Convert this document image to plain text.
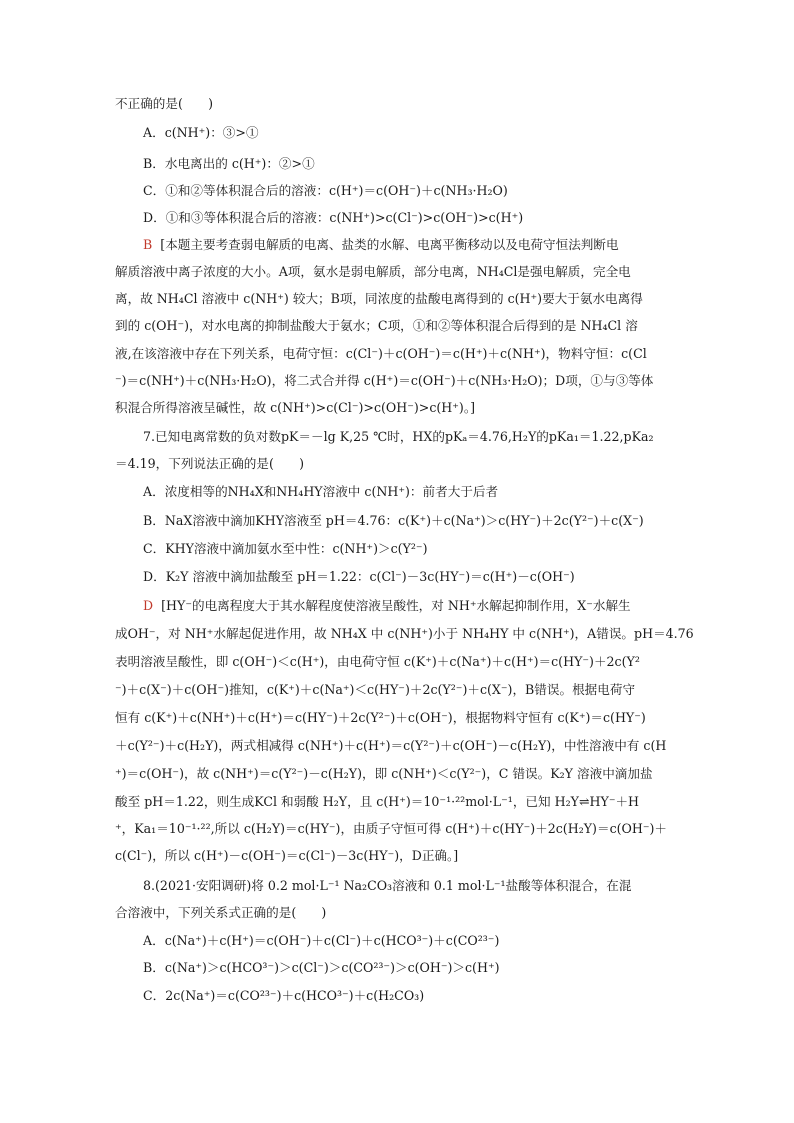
不正确的是(　　)
A．c(NH⁺)：③>①
B．水电离出的 c(H⁺)：②>①
C．①和②等体积混合后的溶液：c(H⁺)＝c(OH⁻)＋c(NH₃·H₂O)
D．①和③等体积混合后的溶液：c(NH⁺)>c(Cl⁻)>c(OH⁻)>c(H⁺)
B [本题主要考查弱电解质的电离、盐类的水解、电离平衡移动以及电荷守恒法判断电
解质溶液中离子浓度的大小。A项，氨水是弱电解质，部分电离，NH₄Cl是强电解质，完全电
离，故 NH₄Cl 溶液中 c(NH⁺) 较大；B项，同浓度的盐酸电离得到的 c(H⁺)要大于氨水电离得
到的 c(OH⁻)，对水电离的抑制盐酸大于氨水；C项，①和②等体积混合后得到的是 NH₄Cl 溶
液,在该溶液中存在下列关系，电荷守恒：c(Cl⁻)＋c(OH⁻)＝c(H⁺)＋c(NH⁺)，物料守恒：c(Cl
⁻)＝c(NH⁺)＋c(NH₃·H₂O)，将二式合并得 c(H⁺)＝c(OH⁻)＋c(NH₃·H₂O)；D项，①与③等体
积混合所得溶液呈碱性，故 c(NH⁺)>c(Cl⁻)>c(OH⁻)>c(H⁺)。]
7.已知电离常数的负对数pK＝－lg K,25 ℃时，HX的pKₐ＝4.76,H₂Y的pKa₁＝1.22,pKa₂
＝4.19，下列说法正确的是(　　)
A．浓度相等的NH₄X和NH₄HY溶液中 c(NH⁺)：前者大于后者
B．NaX溶液中滴加KHY溶液至 pH＝4.76：c(K⁺)＋c(Na⁺)＞c(HY⁻)＋2c(Y²⁻)＋c(X⁻)
C．KHY溶液中滴加氨水至中性：c(NH⁺)＞c(Y²⁻)
D．K₂Y 溶液中滴加盐酸至 pH＝1.22：c(Cl⁻)－3c(HY⁻)＝c(H⁺)－c(OH⁻)
D [HY⁻的电离程度大于其水解程度使溶液呈酸性，对 NH⁺水解起抑制作用，X⁻水解生
成OH⁻，对 NH⁺水解起促进作用，故 NH₄X 中 c(NH⁺)小于 NH₄HY 中 c(NH⁺)，A错误。pH＝4.76
表明溶液呈酸性，即 c(OH⁻)＜c(H⁺)，由电荷守恒 c(K⁺)＋c(Na⁺)＋c(H⁺)＝c(HY⁻)＋2c(Y²
⁻)＋c(X⁻)＋c(OH⁻)推知，c(K⁺)＋c(Na⁺)＜c(HY⁻)＋2c(Y²⁻)＋c(X⁻)，B错误。根据电荷守
恒有 c(K⁺)＋c(NH⁺)＋c(H⁺)＝c(HY⁻)＋2c(Y²⁻)＋c(OH⁻)，根据物料守恒有 c(K⁺)＝c(HY⁻)
＋c(Y²⁻)＋c(H₂Y)，两式相减得 c(NH⁺)＋c(H⁺)＝c(Y²⁻)＋c(OH⁻)－c(H₂Y)，中性溶液中有 c(H
⁺)＝c(OH⁻)，故 c(NH⁺)＝c(Y²⁻)－c(H₂Y)，即 c(NH⁺)＜c(Y²⁻)，C 错误。K₂Y 溶液中滴加盐
酸至 pH＝1.22，则生成KCl 和弱酸 H₂Y，且 c(H⁺)＝10⁻¹·²²mol·L⁻¹，已知 H₂Y⇌HY⁻＋H
⁺，Ka₁＝10⁻¹·²²,所以 c(H₂Y)＝c(HY⁻)，由质子守恒可得 c(H⁺)＋c(HY⁻)＋2c(H₂Y)＝c(OH⁻)＋
c(Cl⁻)，所以 c(H⁺)－c(OH⁻)＝c(Cl⁻)－3c(HY⁻)，D正确。]
8.(2021·安阳调研)将 0.2 mol·L⁻¹ Na₂CO₃溶液和 0.1 mol·L⁻¹盐酸等体积混合，在混
合溶液中，下列关系式正确的是(　　)
A．c(Na⁺)＋c(H⁺)＝c(OH⁻)＋c(Cl⁻)＋c(HCO³⁻)＋c(CO²³⁻)
B．c(Na⁺)＞c(HCO³⁻)＞c(Cl⁻)＞c(CO²³⁻)＞c(OH⁻)＞c(H⁺)
C．2c(Na⁺)＝c(CO²³⁻)＋c(HCO³⁻)＋c(H₂CO₃)
